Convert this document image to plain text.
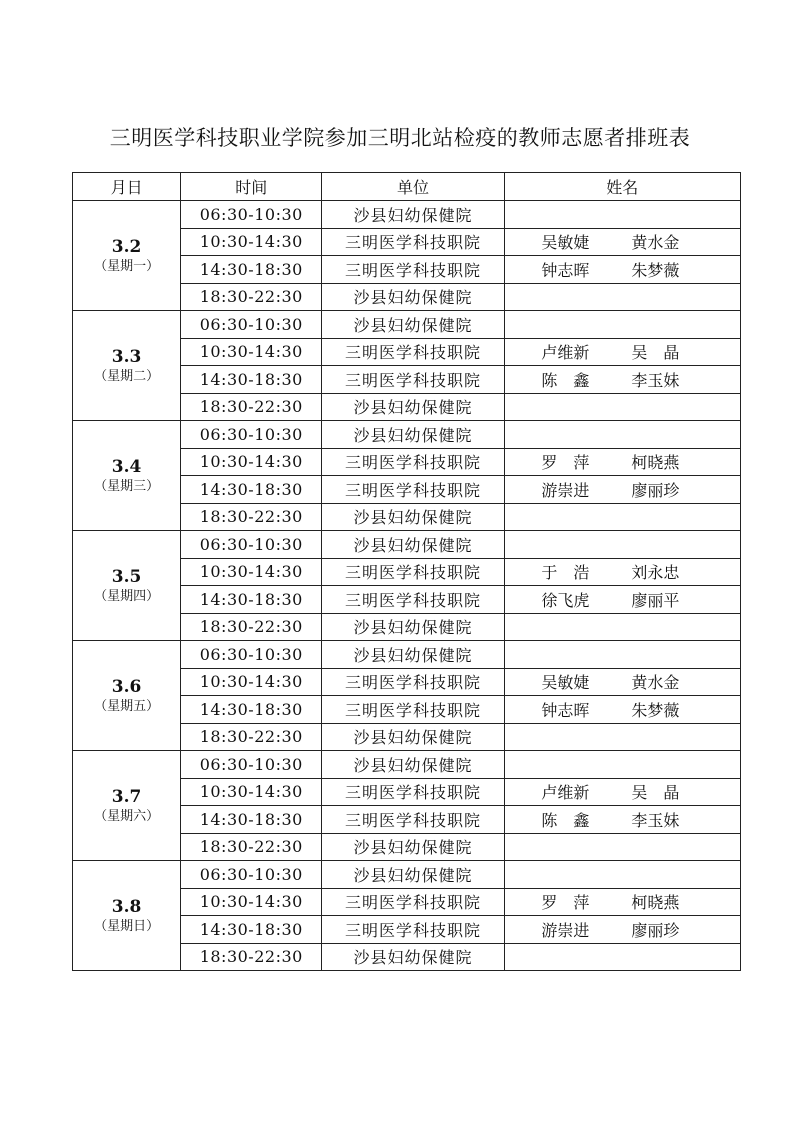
三明医学科技职业学院参加三明北站检疫的教师志愿者排班表
月日	时间	单位	姓名

3.2
（星期一）	06:30-10:30	沙县妇幼保健院	
	10:30-14:30	三明医学科技职院	吴敏婕 黄水金
	14:30-18:30	三明医学科技职院	钟志晖 朱梦薇
	18:30-22:30	沙县妇幼保健院	

3.3
（星期二）	06:30-10:30	沙县妇幼保健院	
	10:30-14:30	三明医学科技职院	卢维新 吴　晶
	14:30-18:30	三明医学科技职院	陈　鑫 李玉妹
	18:30-22:30	沙县妇幼保健院	

3.4
（星期三）	06:30-10:30	沙县妇幼保健院	
	10:30-14:30	三明医学科技职院	罗　萍 柯晓燕
	14:30-18:30	三明医学科技职院	游崇进 廖丽珍
	18:30-22:30	沙县妇幼保健院	

3.5
（星期四）	06:30-10:30	沙县妇幼保健院	
	10:30-14:30	三明医学科技职院	于　浩 刘永忠
	14:30-18:30	三明医学科技职院	徐飞虎 廖丽平
	18:30-22:30	沙县妇幼保健院	

3.6
（星期五）	06:30-10:30	沙县妇幼保健院	
	10:30-14:30	三明医学科技职院	吴敏婕 黄水金
	14:30-18:30	三明医学科技职院	钟志晖 朱梦薇
	18:30-22:30	沙县妇幼保健院	

3.7
（星期六）	06:30-10:30	沙县妇幼保健院	
	10:30-14:30	三明医学科技职院	卢维新 吴　晶
	14:30-18:30	三明医学科技职院	陈　鑫 李玉妹
	18:30-22:30	沙县妇幼保健院	

3.8
（星期日）	06:30-10:30	沙县妇幼保健院	
	10:30-14:30	三明医学科技职院	罗　萍 柯晓燕
	14:30-18:30	三明医学科技职院	游崇进 廖丽珍
	18:30-22:30	沙县妇幼保健院	
